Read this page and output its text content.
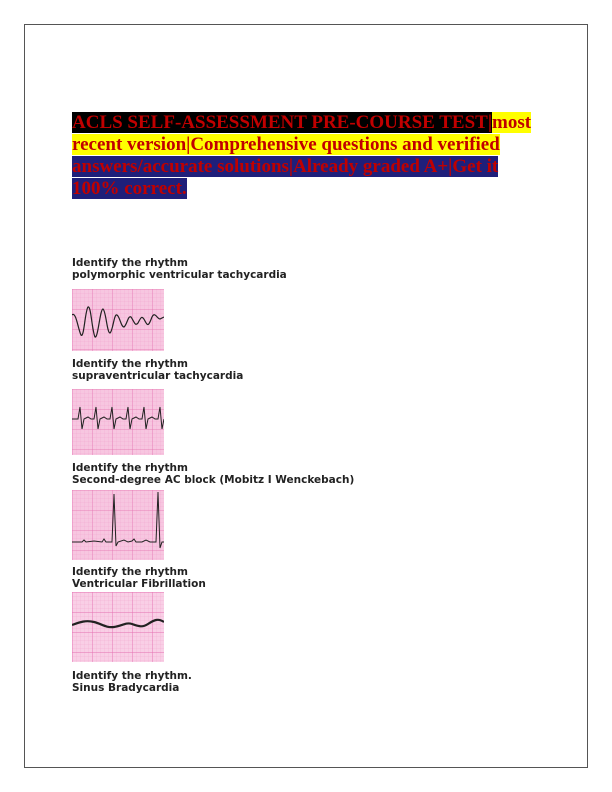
ACLS SELF-ASSESSMENT PRE-COURSE TEST|most recent version|Comprehensive questions and verified answers/accurate solutions|Already graded A+|Get it 100% correct.
Identify the rhythm
polymorphic ventricular tachycardia
Identify the rhythm
supraventricular tachycardia
Identify the rhythm
Second-degree AC block (Mobitz I Wenckebach)
Identify the rhythm
Ventricular Fibrillation
Identify the rhythm.
Sinus Bradycardia
